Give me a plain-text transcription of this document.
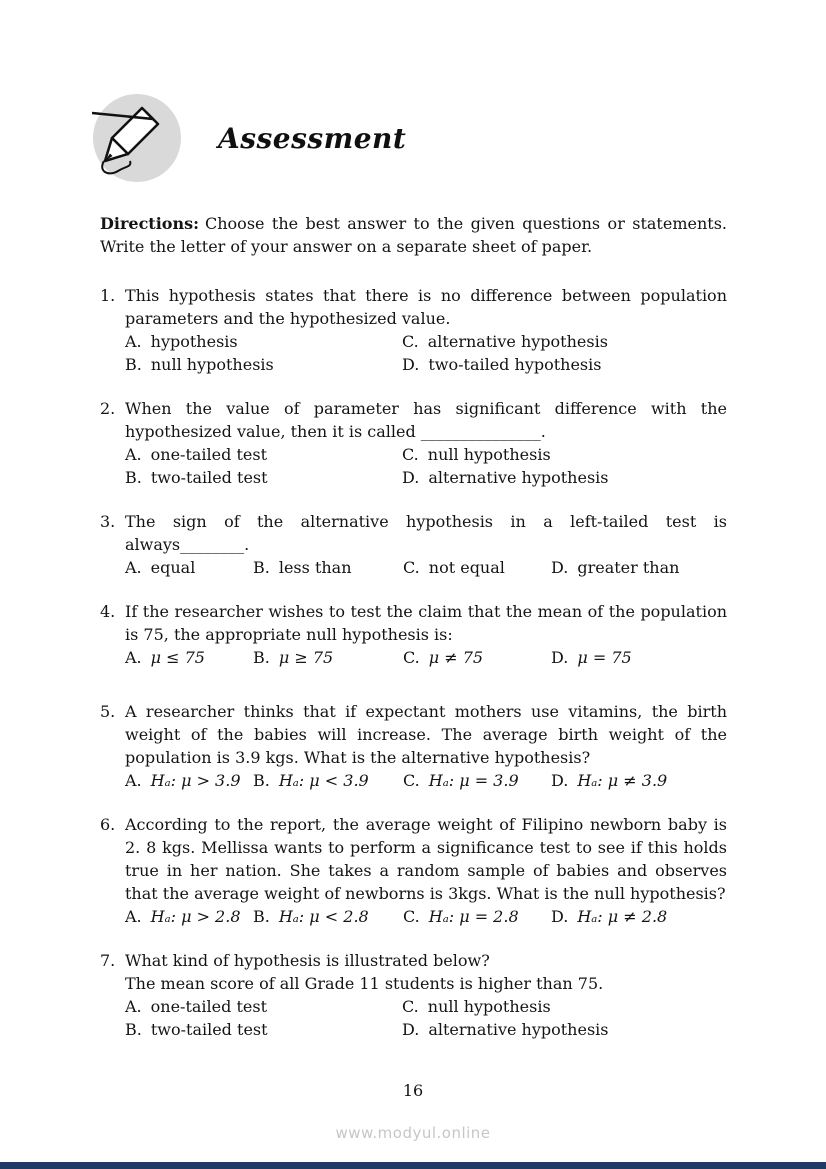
Assessment
Directions: Choose the best answer to the given questions or statements. Write the letter of your answer on a separate sheet of paper.
1. This hypothesis states that there is no difference between population parameters and the hypothesized value.
A. hypothesis
B. null hypothesis
C. alternative hypothesis
D. two-tailed hypothesis
2. When the value of parameter has significant difference with the hypothesized value, then it is called _______________.
A. one-tailed test
B. two-tailed test
C. null hypothesis
D. alternative hypothesis
3. The sign of the alternative hypothesis in a left-tailed test is always________.
A. equal	B. less than	C. not equal	D. greater than
4. If the researcher wishes to test the claim that the mean of the population is 75, the appropriate null hypothesis is:
A. μ ≤ 75	B. μ ≥ 75	C. μ ≠ 75	D. μ = 75
5. A researcher thinks that if expectant mothers use vitamins, the birth weight of the babies will increase. The average birth weight of the population is 3.9 kgs. What is the alternative hypothesis?
A. Hₐ: μ > 3.9 B. Hₐ: μ < 3.9	C. Hₐ: μ = 3.9	D. Hₐ: μ ≠ 3.9
6. According to the report, the average weight of Filipino newborn baby is 2. 8 kgs. Mellissa wants to perform a significance test to see if this holds true in her nation. She takes a random sample of babies and observes that the average weight of newborns is 3kgs. What is the null hypothesis?
A. Hₐ: μ > 2.8 B. Hₐ: μ < 2.8	C. Hₐ: μ = 2.8	D. Hₐ: μ ≠ 2.8
7. What kind of hypothesis is illustrated below?
The mean score of all Grade 11 students is higher than 75.
A. one-tailed test
B. two-tailed test
C. null hypothesis
D. alternative hypothesis
16
www.modyul.online
